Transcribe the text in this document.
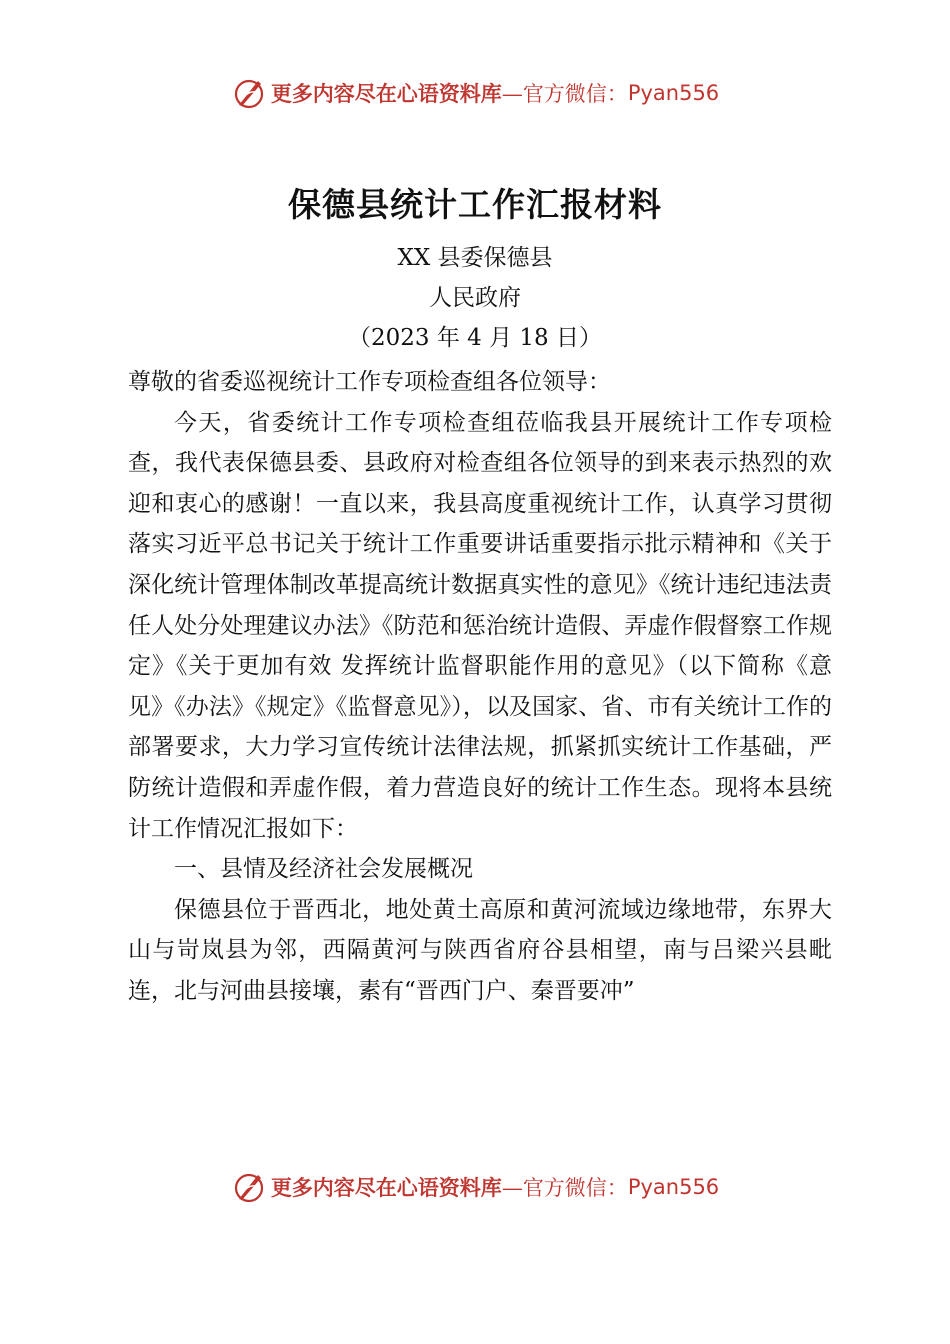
更多内容尽在心语资料库 —官方微信： Pyan556
保德县统计工作汇报材料
XX 县委保德县
人民政府
（2023 年 4 月 18 日）

尊敬的省委巡视统计工作专项检查组各位领导：

今天，省委统计工作专项检查组莅临我县开展统计工作专项检查，我代表保德县委、县政府对检查组各位领导的到来表示热烈的欢迎和衷心的感谢！一直以来，我县高度重视统计工作，认真学习贯彻落实习近平总书记关于统计工作重要讲话重要指示批示精神和《关于深化统计管理体制改革提高统计数据真实性的意见》《统计违纪违法责任人处分处理建议办法》《防范和惩治统计造假、弄虚作假督察工作规定》《关于更加有效 发挥统计监督职能作用的意见》（以下简称《意见》《办法》《规定》《监督意见》），以及国家、省、市有关统计工作的部署要求，大力学习宣传统计法律法规，抓紧抓实统计工作基础，严防统计造假和弄虚作假，着力营造良好的统计工作生态。现将本县统计工作情况汇报如下：

一、县情及经济社会发展概况

保德县位于晋西北，地处黄土高原和黄河流域边缘地带，东界大山与岢岚县为邻，西隔黄河与陕西省府谷县相望，南与吕梁兴县毗连，北与河曲县接壤，素有“晋西门户、秦晋要冲”

更多内容尽在心语资料库 —官方微信： Pyan556
